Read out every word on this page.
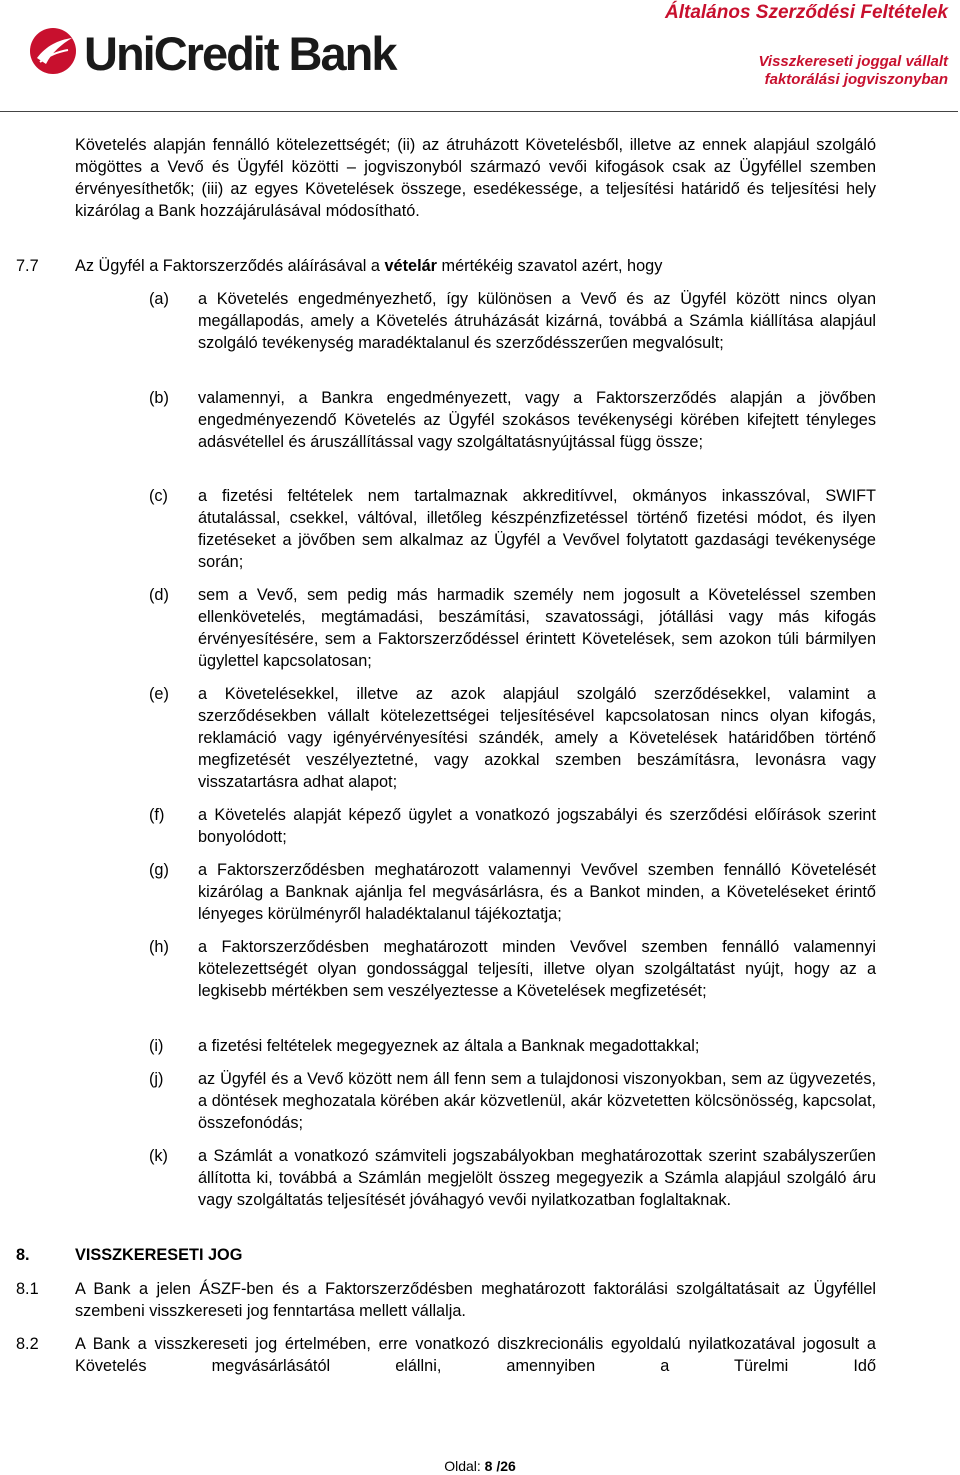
UniCredit Bank
Általános Szerződési Feltételek
Visszkereseti joggal vállalt
faktorálási jogviszonyban
Követelés alapján fennálló kötelezettségét; (ii) az átruházott Követelésből, illetve az ennek alapjául szolgáló mögöttes a Vevő és Ügyfél közötti – jogviszonyból származó vevői kifogások csak az Ügyféllel szemben érvényesíthetők; (iii) az egyes Követelések összege, esedékessége, a teljesítési határidő és teljesítési hely kizárólag a Bank hozzájárulásával módosítható.
7.7 Az Ügyfél a Faktorszerződés aláírásával a vételár mértékéig szavatol azért, hogy
(a) a Követelés engedményezhető, így különösen a Vevő és az Ügyfél között nincs olyan megállapodás, amely a Követelés átruházását kizárná, továbbá a Számla kiállítása alapjául szolgáló tevékenység maradéktalanul és szerződésszerűen megvalósult;
(b) valamennyi, a Bankra engedményezett, vagy a Faktorszerződés alapján a jövőben engedményezendő Követelés az Ügyfél szokásos tevékenységi körében kifejtett tényleges adásvétellel és áruszállítással vagy szolgáltatásnyújtással függ össze;
(c) a fizetési feltételek nem tartalmaznak akkreditívvel, okmányos inkasszóval, SWIFT átutalással, csekkel, váltóval, illetőleg készpénzfizetéssel történő fizetési módot, és ilyen fizetéseket a jövőben sem alkalmaz az Ügyfél a Vevővel folytatott gazdasági tevékenysége során;
(d) sem a Vevő, sem pedig más harmadik személy nem jogosult a Követeléssel szemben ellenkövetelés, megtámadási, beszámítási, szavatossági, jótállási vagy más kifogás érvényesítésére, sem a Faktorszerződéssel érintett Követelések, sem azokon túli bármilyen ügylettel kapcsolatosan;
(e) a Követelésekkel, illetve az azok alapjául szolgáló szerződésekkel, valamint a szerződésekben vállalt kötelezettségei teljesítésével kapcsolatosan nincs olyan kifogás, reklamáció vagy igényérvényesítési szándék, amely a Követelések határidőben történő megfizetését veszélyeztetné, vagy azokkal szemben beszámításra, levonásra vagy visszatartásra adhat alapot;
(f) a Követelés alapját képező ügylet a vonatkozó jogszabályi és szerződési előírások szerint bonyolódott;
(g) a Faktorszerződésben meghatározott valamennyi Vevővel szemben fennálló Követelését kizárólag a Banknak ajánlja fel megvásárlásra, és a Bankot minden, a Követeléseket érintő lényeges körülményről haladéktalanul tájékoztatja;
(h) a Faktorszerződésben meghatározott minden Vevővel szemben fennálló valamennyi kötelezettségét olyan gondossággal teljesíti, illetve olyan szolgáltatást nyújt, hogy az a legkisebb mértékben sem veszélyeztesse a Követelések megfizetését;
(i) a fizetési feltételek megegyeznek az általa a Banknak megadottakkal;
(j) az Ügyfél és a Vevő között nem áll fenn sem a tulajdonosi viszonyokban, sem az ügyvezetés, a döntések meghozatala körében akár közvetlenül, akár közvetetten kölcsönösség, kapcsolat, összefonódás;
(k) a Számlát a vonatkozó számviteli jogszabályokban meghatározottak szerint szabályszerűen állította ki, továbbá a Számlán megjelölt összeg megegyezik a Számla alapjául szolgáló áru vagy szolgáltatás teljesítését jóváhagyó vevői nyilatkozatban foglaltaknak.
8.	VISSZKERESETI JOG
8.1 A Bank a jelen ÁSZF-ben és a Faktorszerződésben meghatározott faktorálási szolgáltatásait az Ügyféllel szembeni visszkereseti jog fenntartása mellett vállalja.
8.2 A Bank a visszkereseti jog értelmében, erre vonatkozó diszkrecionális egyoldalú nyilatkozatával jogosult a Követelés megvásárlásától elállni, amennyiben a Türelmi Idő
Oldal: 8 /26
